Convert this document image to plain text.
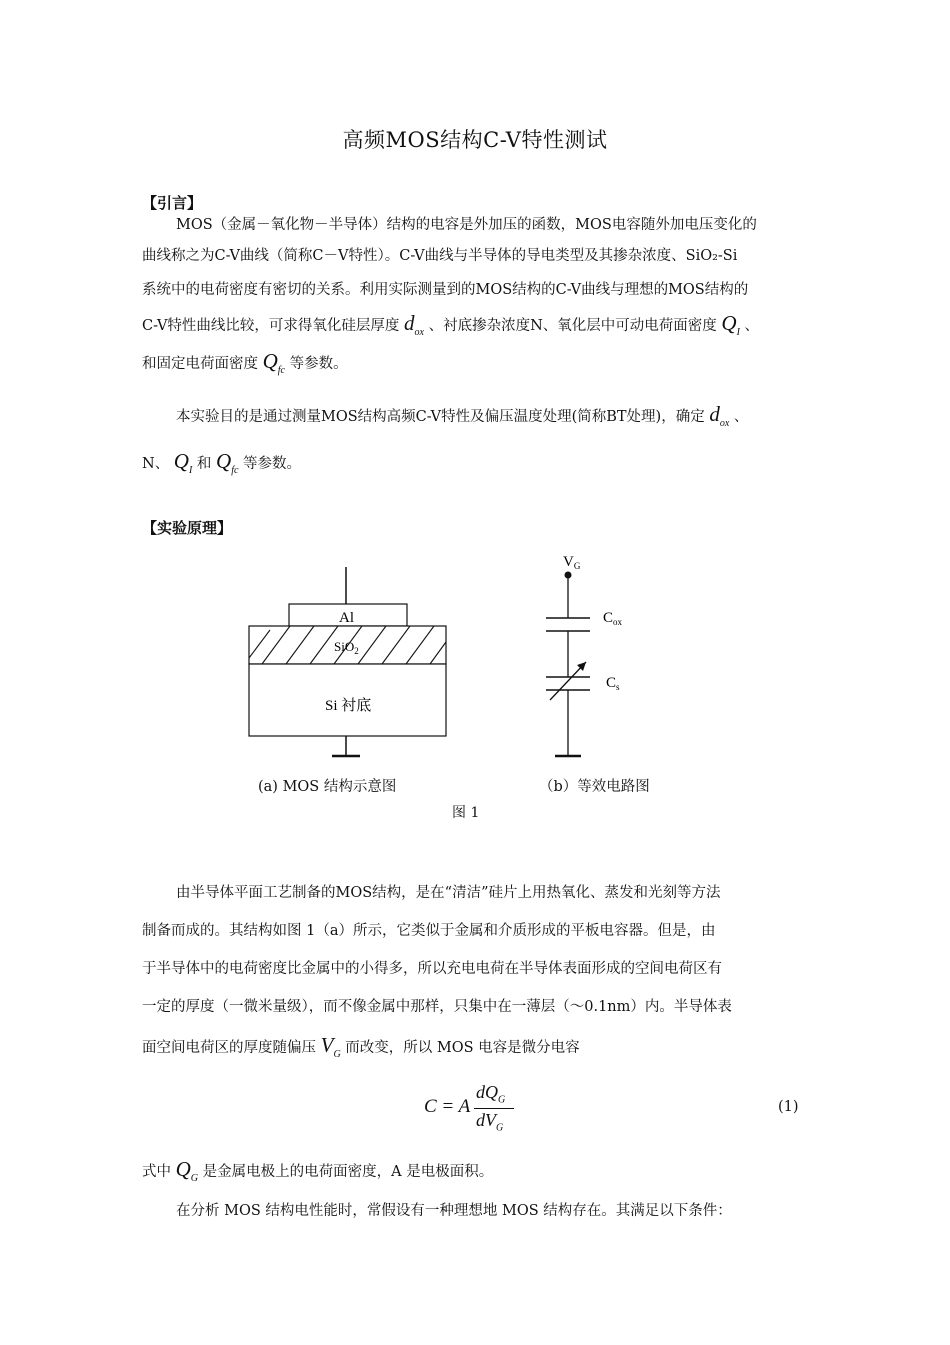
高频MOS结构C-V特性测试
【引言】
MOS（金属－氧化物－半导体）结构的电容是外加压的函数，MOS电容随外加电压变化的
曲线称之为C-V曲线（简称C－V特性）。C-V曲线与半导体的导电类型及其掺杂浓度、SiO₂-Si
系统中的电荷密度有密切的关系。利用实际测量到的MOS结构的C-V曲线与理想的MOS结构的
C-V特性曲线比较，可求得氧化硅层厚度 $d_{ox}$ 、衬底掺杂浓度N、氧化层中可动电荷面密度 $Q_I$ 、
和固定电荷面密度 $Q_{fc}$ 等参数。
本实验目的是通过测量MOS结构高频C-V特性及偏压温度处理(简称BT处理)，确定 $d_{ox}$ 、
N、 $Q_I$ 和 $Q_{fc}$ 等参数。
【实验原理】
Al
SiO$_2$
Si 衬底
$V_G$
$C_{ox}$
$C_s$
(a) MOS 结构示意图	（b）等效电路图
图 1
由半导体平面工艺制备的MOS结构，是在“清洁”硅片上用热氧化、蒸发和光刻等方法
制备而成的。其结构如图 1（a）所示，它类似于金属和介质形成的平板电容器。但是，由
于半导体中的电荷密度比金属中的小得多，所以充电电荷在半导体表面形成的空间电荷区有
一定的厚度（一微米量级），而不像金属中那样，只集中在一薄层（～0.1nm）内。半导体表
面空间电荷区的厚度随偏压 $V_G$ 而改变，所以 MOS 电容是微分电容
C = A
$dQ_G$
$dV_G$
(1)
式中 $Q_G$ 是金属电极上的电荷面密度，A 是电极面积。
在分析 MOS 结构电性能时，常假设有一种理想地 MOS 结构存在。其满足以下条件：
